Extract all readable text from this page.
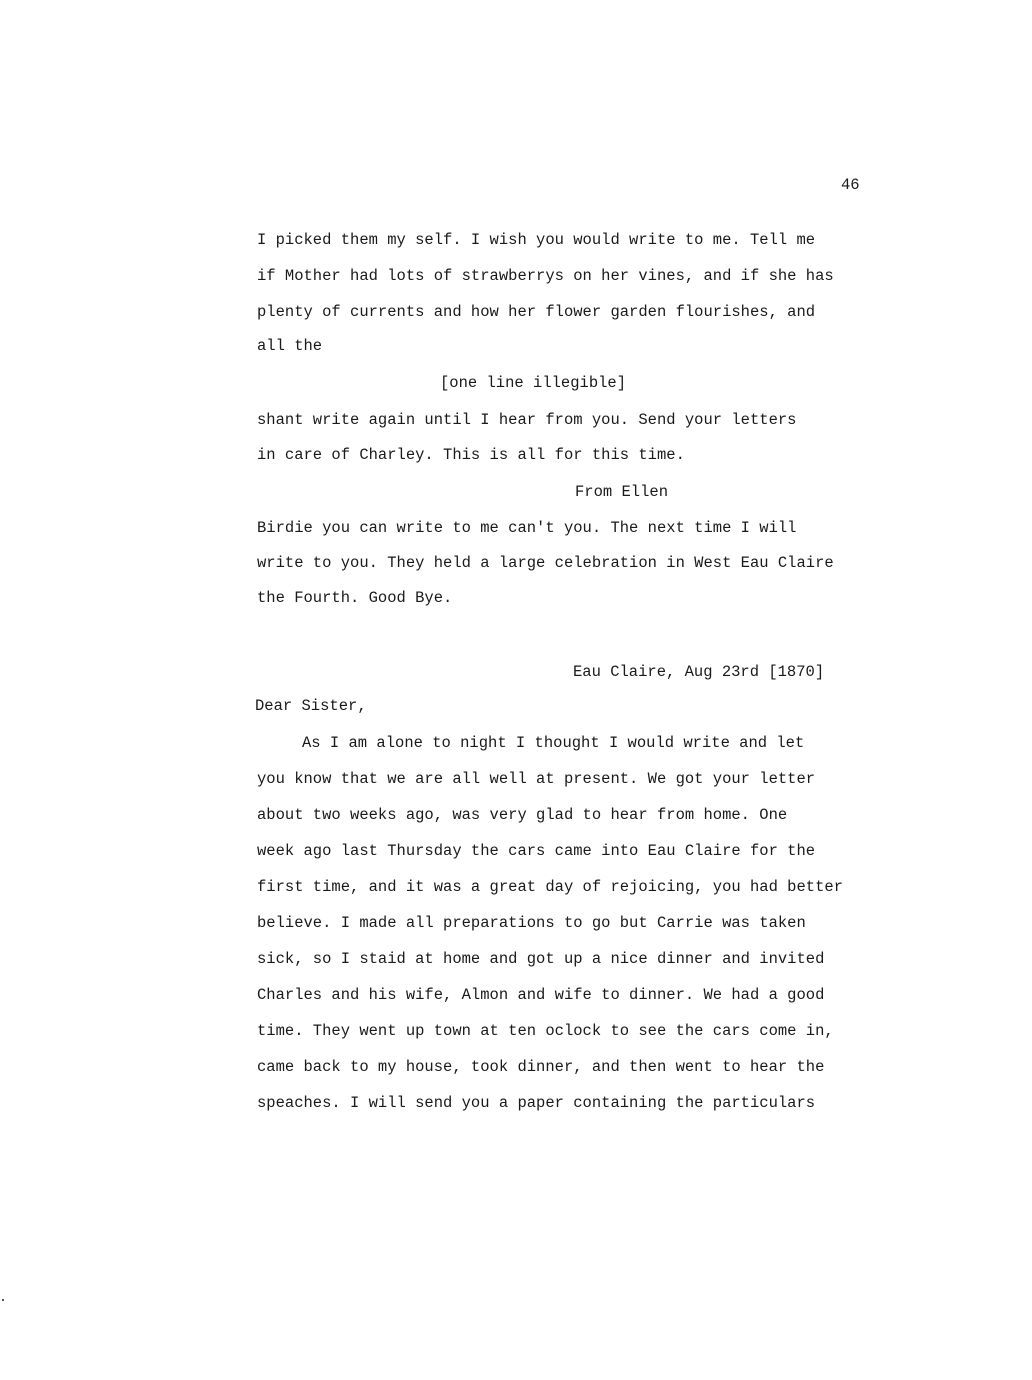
46
I picked them my self. I wish you would write to me. Tell me
if Mother had lots of strawberrys on her vines, and if she has
plenty of currents and how her flower garden flourishes, and
all the
[one line illegible]
shant write again until I hear from you. Send your letters
in care of Charley. This is all for this time.
From Ellen
Birdie you can write to me can't you. The next time I will
write to you. They held a large celebration in West Eau Claire
the Fourth. Good Bye.
Eau Claire, Aug 23rd [1870]
Dear Sister,
As I am alone to night I thought I would write and let
you know that we are all well at present. We got your letter
about two weeks ago, was very glad to hear from home. One
week ago last Thursday the cars came into Eau Claire for the
first time, and it was a great day of rejoicing, you had better
believe. I made all preparations to go but Carrie was taken
sick, so I staid at home and got up a nice dinner and invited
Charles and his wife, Almon and wife to dinner. We had a good
time. They went up town at ten oclock to see the cars come in,
came back to my house, took dinner, and then went to hear the
speaches. I will send you a paper containing the particulars
